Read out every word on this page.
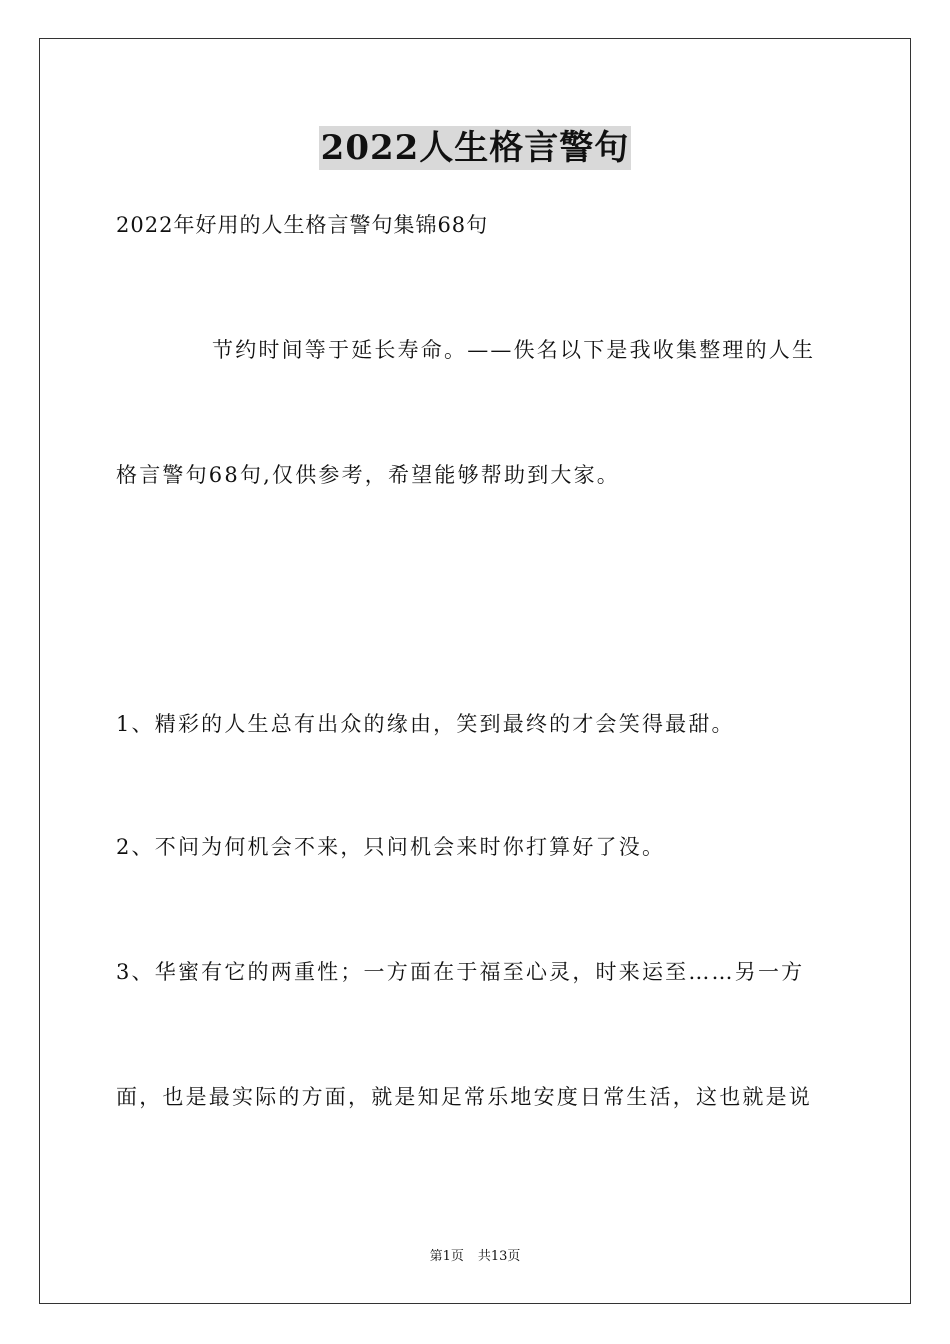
2022人生格言警句
2022年好用的人生格言警句集锦68句
节约时间等于延长寿命。——佚名以下是我收集整理的人生
格言警句68句,仅供参考，希望能够帮助到大家。
1、精彩的人生总有出众的缘由，笑到最终的才会笑得最甜。
2、不问为何机会不来，只问机会来时你打算好了没。
3、华蜜有它的两重性；一方面在于福至心灵，时来运至……另一方
面，也是最实际的方面，就是知足常乐地安度日常生活，这也就是说
第1页 共13页
